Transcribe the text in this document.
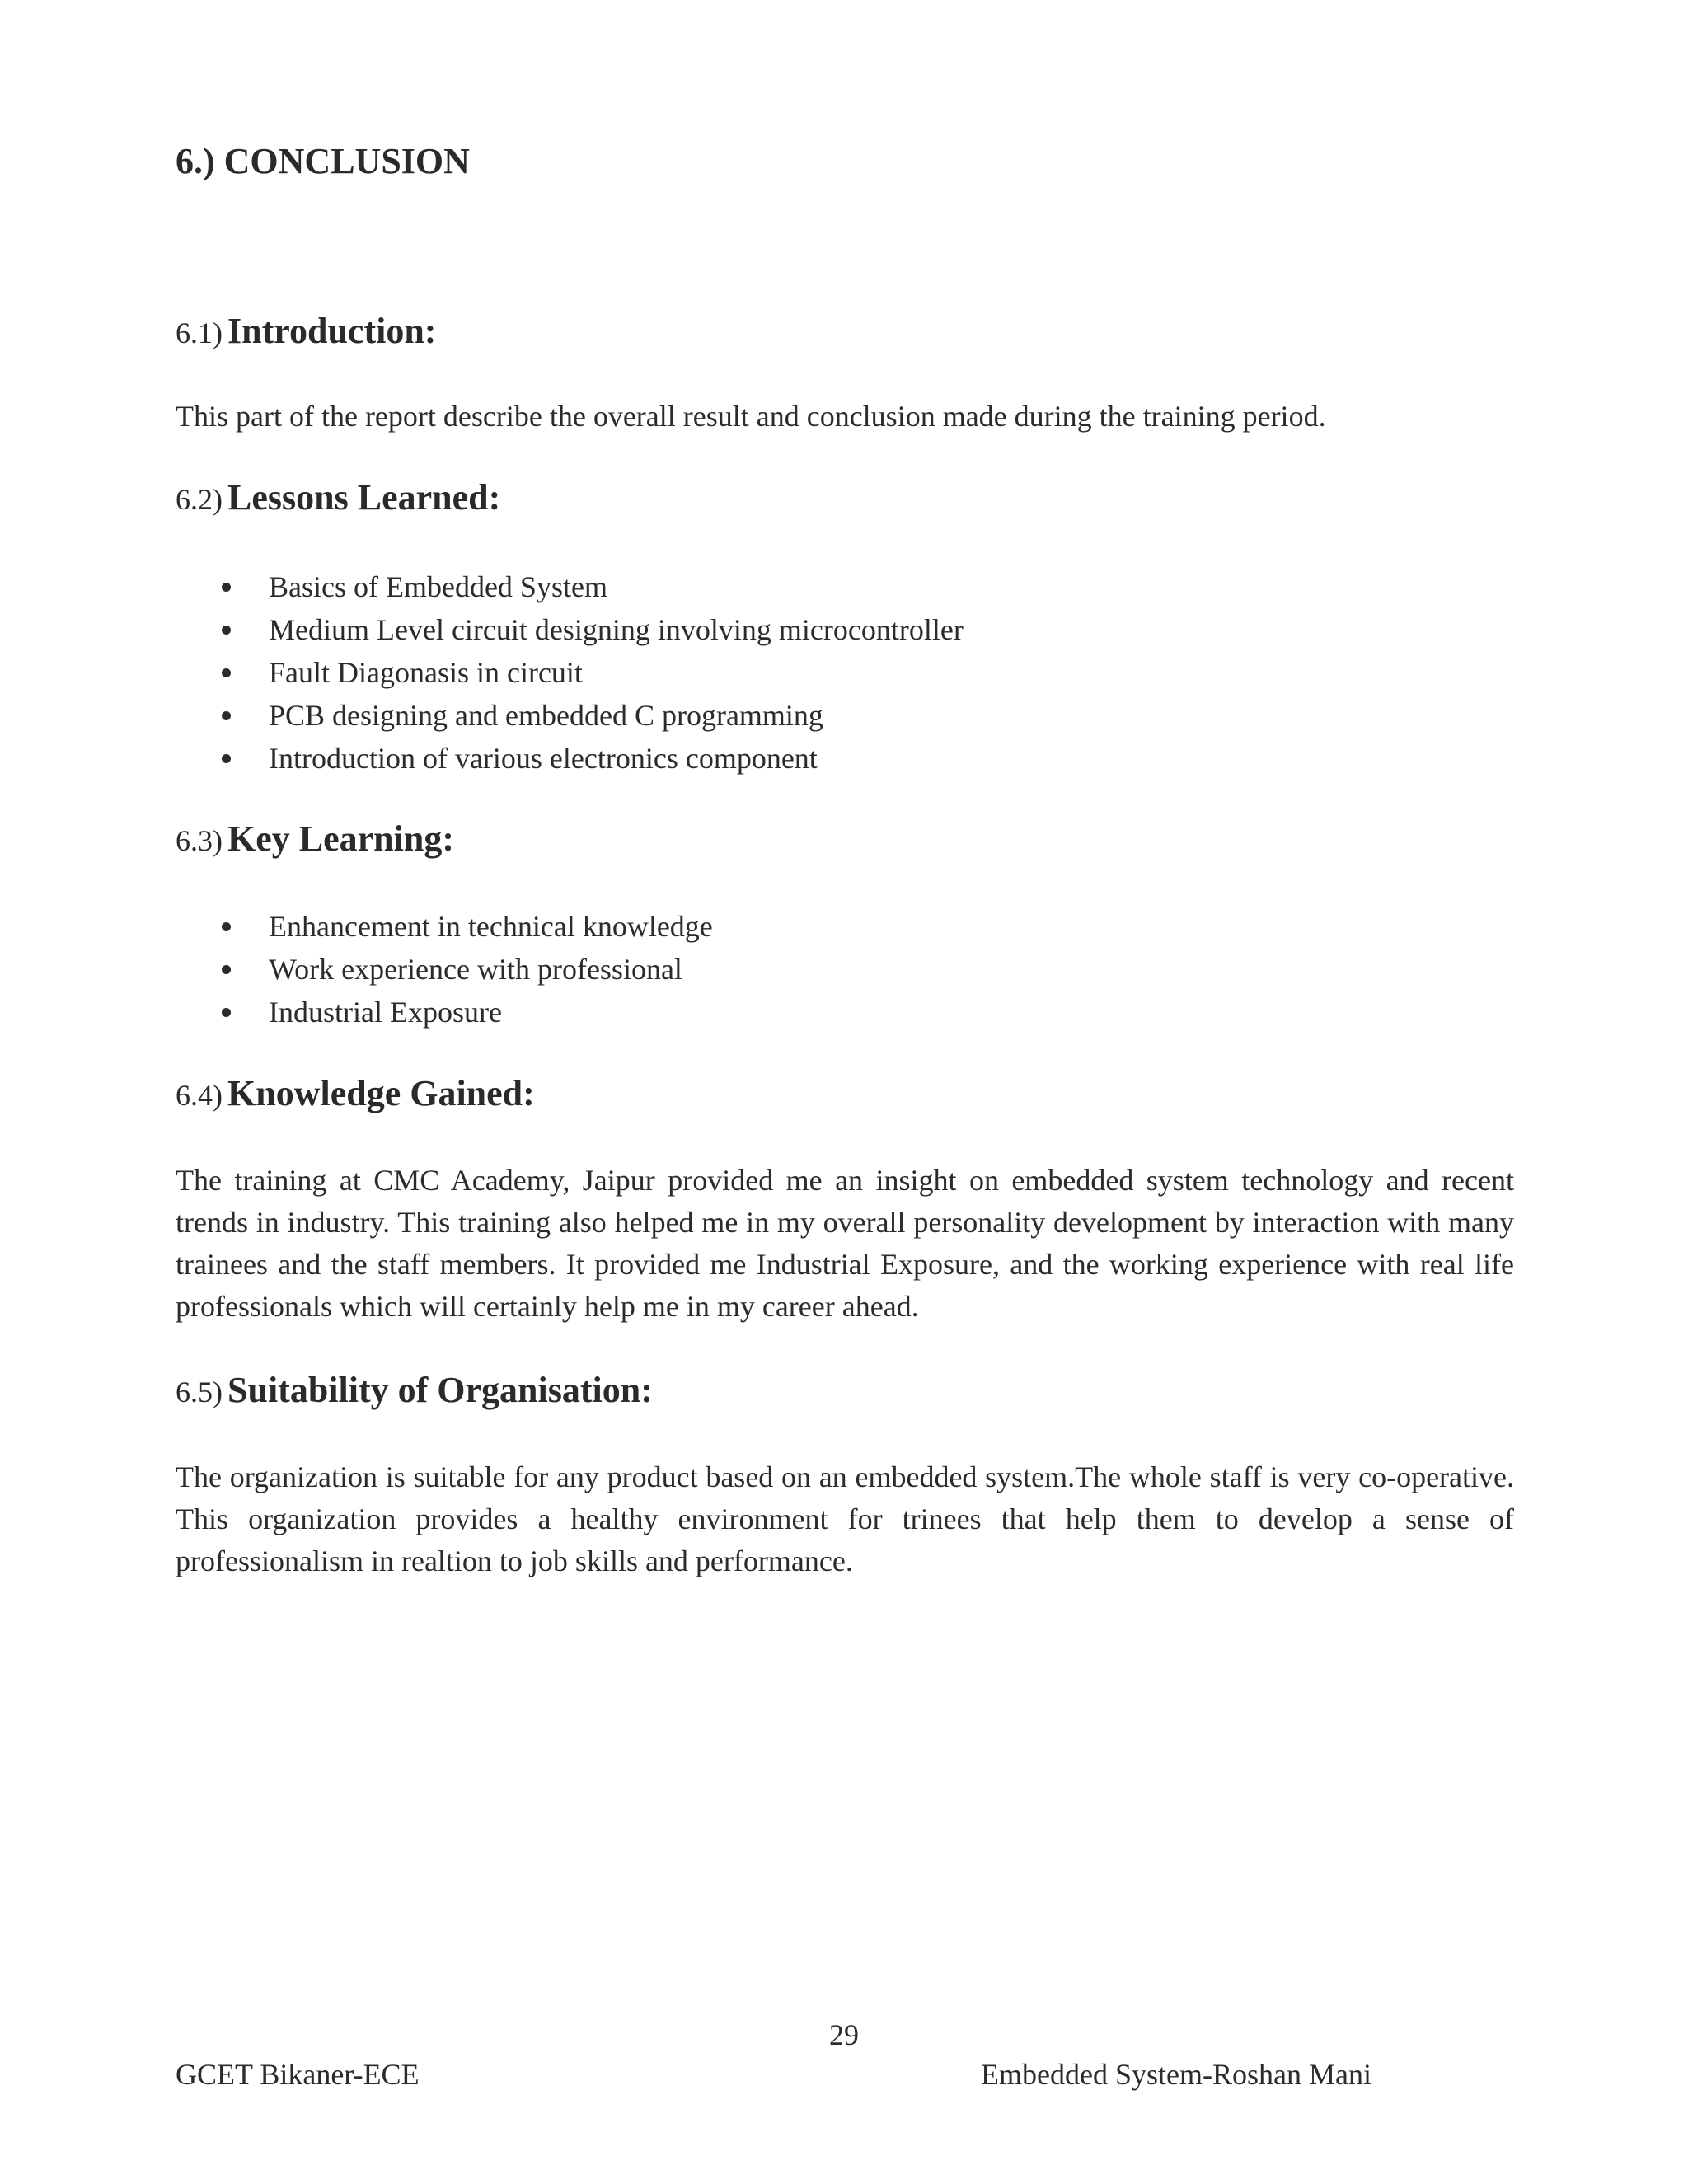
6.) CONCLUSION
6.1) Introduction:

This part of the report describe the overall result and conclusion made during the training period.

6.2) Lessons Learned:
Basics of Embedded System
Medium Level circuit designing involving microcontroller
Fault Diagonasis in circuit
PCB designing and embedded C programming
Introduction of various electronics component
6.3) Key Learning:
Enhancement in technical knowledge
Work experience with professional
Industrial Exposure
6.4) Knowledge Gained:

The training at CMC Academy, Jaipur provided me an insight on embedded system technology and recent trends in industry. This training also helped me in my overall personality development by interaction with many trainees and the staff members. It provided me Industrial Exposure, and the working experience with real life professionals which will certainly help me in my career ahead.

6.5) Suitability of Organisation:

The organization is suitable for any product based on an embedded system.The whole staff is very co-operative. This organization provides a healthy environment for trinees that help them to develop a sense of professionalism in realtion to job skills and performance.

29
GCET Bikaner-ECE	Embedded System-Roshan Mani
